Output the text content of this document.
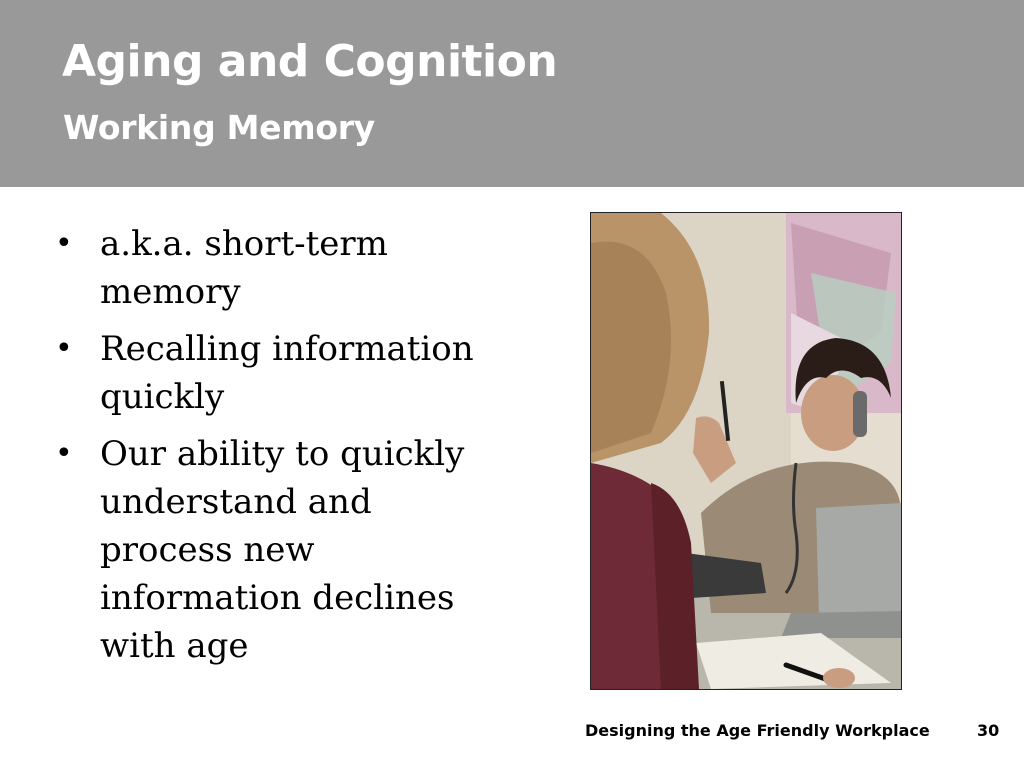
Aging and Cognition
Working Memory
• a.k.a. short-term memory
• Recalling information quickly
• Our ability to quickly understand and process new information declines with age
Designing the Age Friendly Workplace	30
